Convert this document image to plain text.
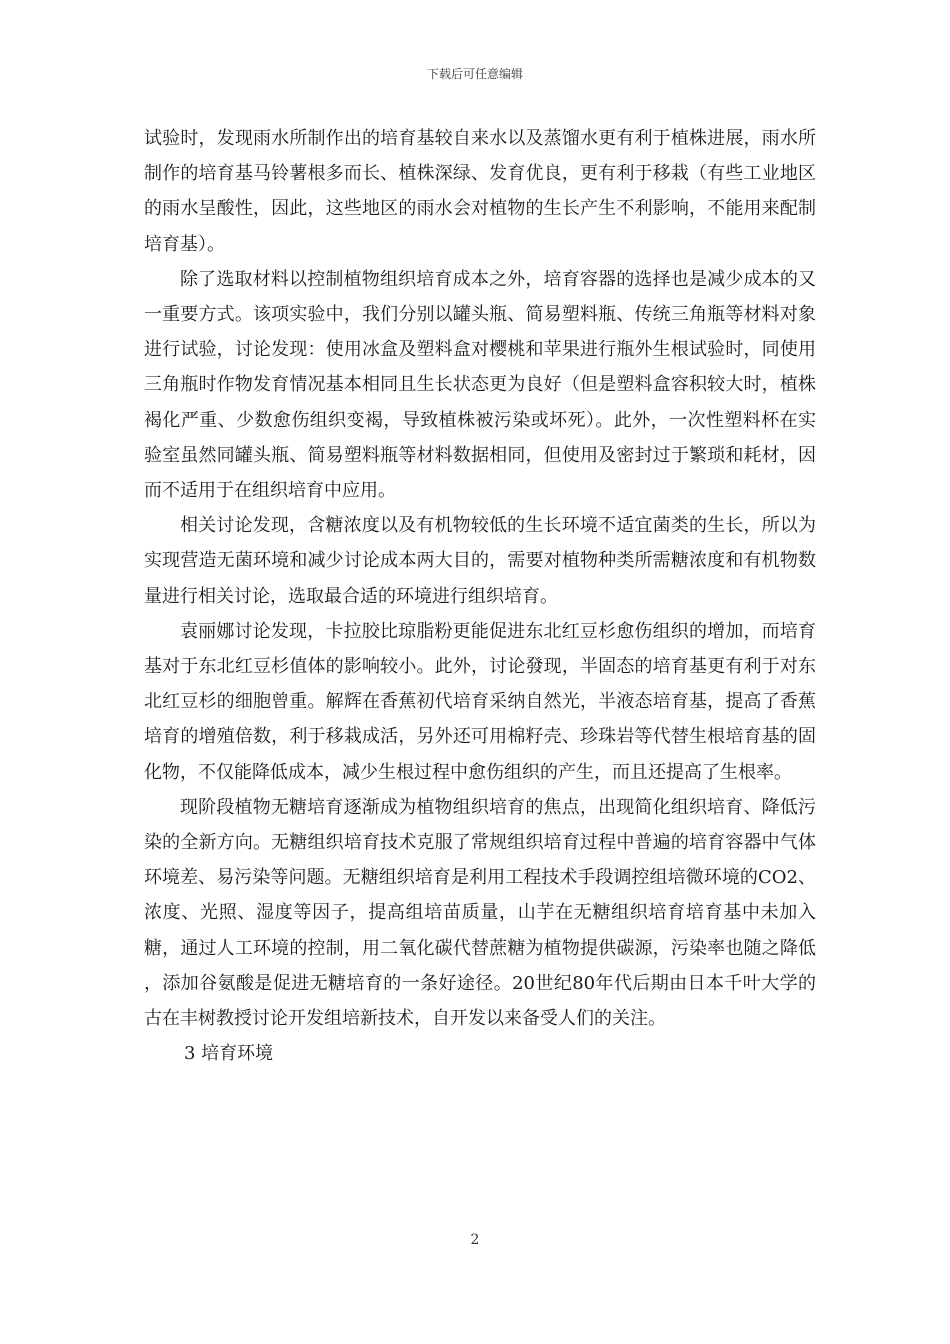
下载后可任意编辑

试验时，发现雨水所制作出的培育基较自来水以及蒸馏水更有利于植株进展，雨水所制作的培育基马铃薯根多而长、植株深绿、发育优良，更有利于移栽（有些工业地区的雨水呈酸性，因此，这些地区的雨水会对植物的生长产生不利影响，不能用来配制培育基）。

除了选取材料以控制植物组织培育成本之外，培育容器的选择也是减少成本的又一重要方式。该项实验中，我们分别以罐头瓶、简易塑料瓶、传统三角瓶等材料对象进行试验，讨论发现：使用冰盒及塑料盒对樱桃和苹果进行瓶外生根试验时，同使用三角瓶时作物发育情况基本相同且生长状态更为良好（但是塑料盒容积较大时，植株褐化严重、少数愈伤组织变褐，导致植株被污染或坏死）。此外，一次性塑料杯在实验室虽然同罐头瓶、简易塑料瓶等材料数据相同，但使用及密封过于繁琐和耗材，因而不适用于在组织培育中应用。

相关讨论发现，含糖浓度以及有机物较低的生长环境不适宜菌类的生长，所以为实现营造无菌环境和减少讨论成本两大目的，需要对植物种类所需糖浓度和有机物数量进行相关讨论，选取最合适的环境进行组织培育。

袁丽娜讨论发现，卡拉胶比琼脂粉更能促进东北红豆杉愈伤组织的增加，而培育基对于东北红豆杉值体的影响较小。此外，讨论發现，半固态的培育基更有利于对东北红豆杉的细胞曾重。解辉在香蕉初代培育采纳自然光，半液态培育基，提高了香蕉培育的增殖倍数，利于移栽成活，另外还可用棉籽壳、珍珠岩等代替生根培育基的固化物，不仅能降低成本，减少生根过程中愈伤组织的产生，而且还提高了生根率。

现阶段植物无糖培育逐渐成为植物组织培育的焦点，出现简化组织培育、降低污染的全新方向。无糖组织培育技术克服了常规组织培育过程中普遍的培育容器中气体环境差、易污染等问题。无糖组织培育是利用工程技术手段调控组培微环境的CO2、浓度、光照、湿度等因子，提高组培苗质量，山芋在无糖组织培育培育基中未加入糖，通过人工环境的控制，用二氧化碳代替蔗糖为植物提供碳源，污染率也随之降低 ，添加谷氨酸是促进无糖培育的一条好途径。20世纪80年代后期由日本千叶大学的古在丰树教授讨论开发组培新技术，自开发以来备受人们的关注。

3 培育环境

2
